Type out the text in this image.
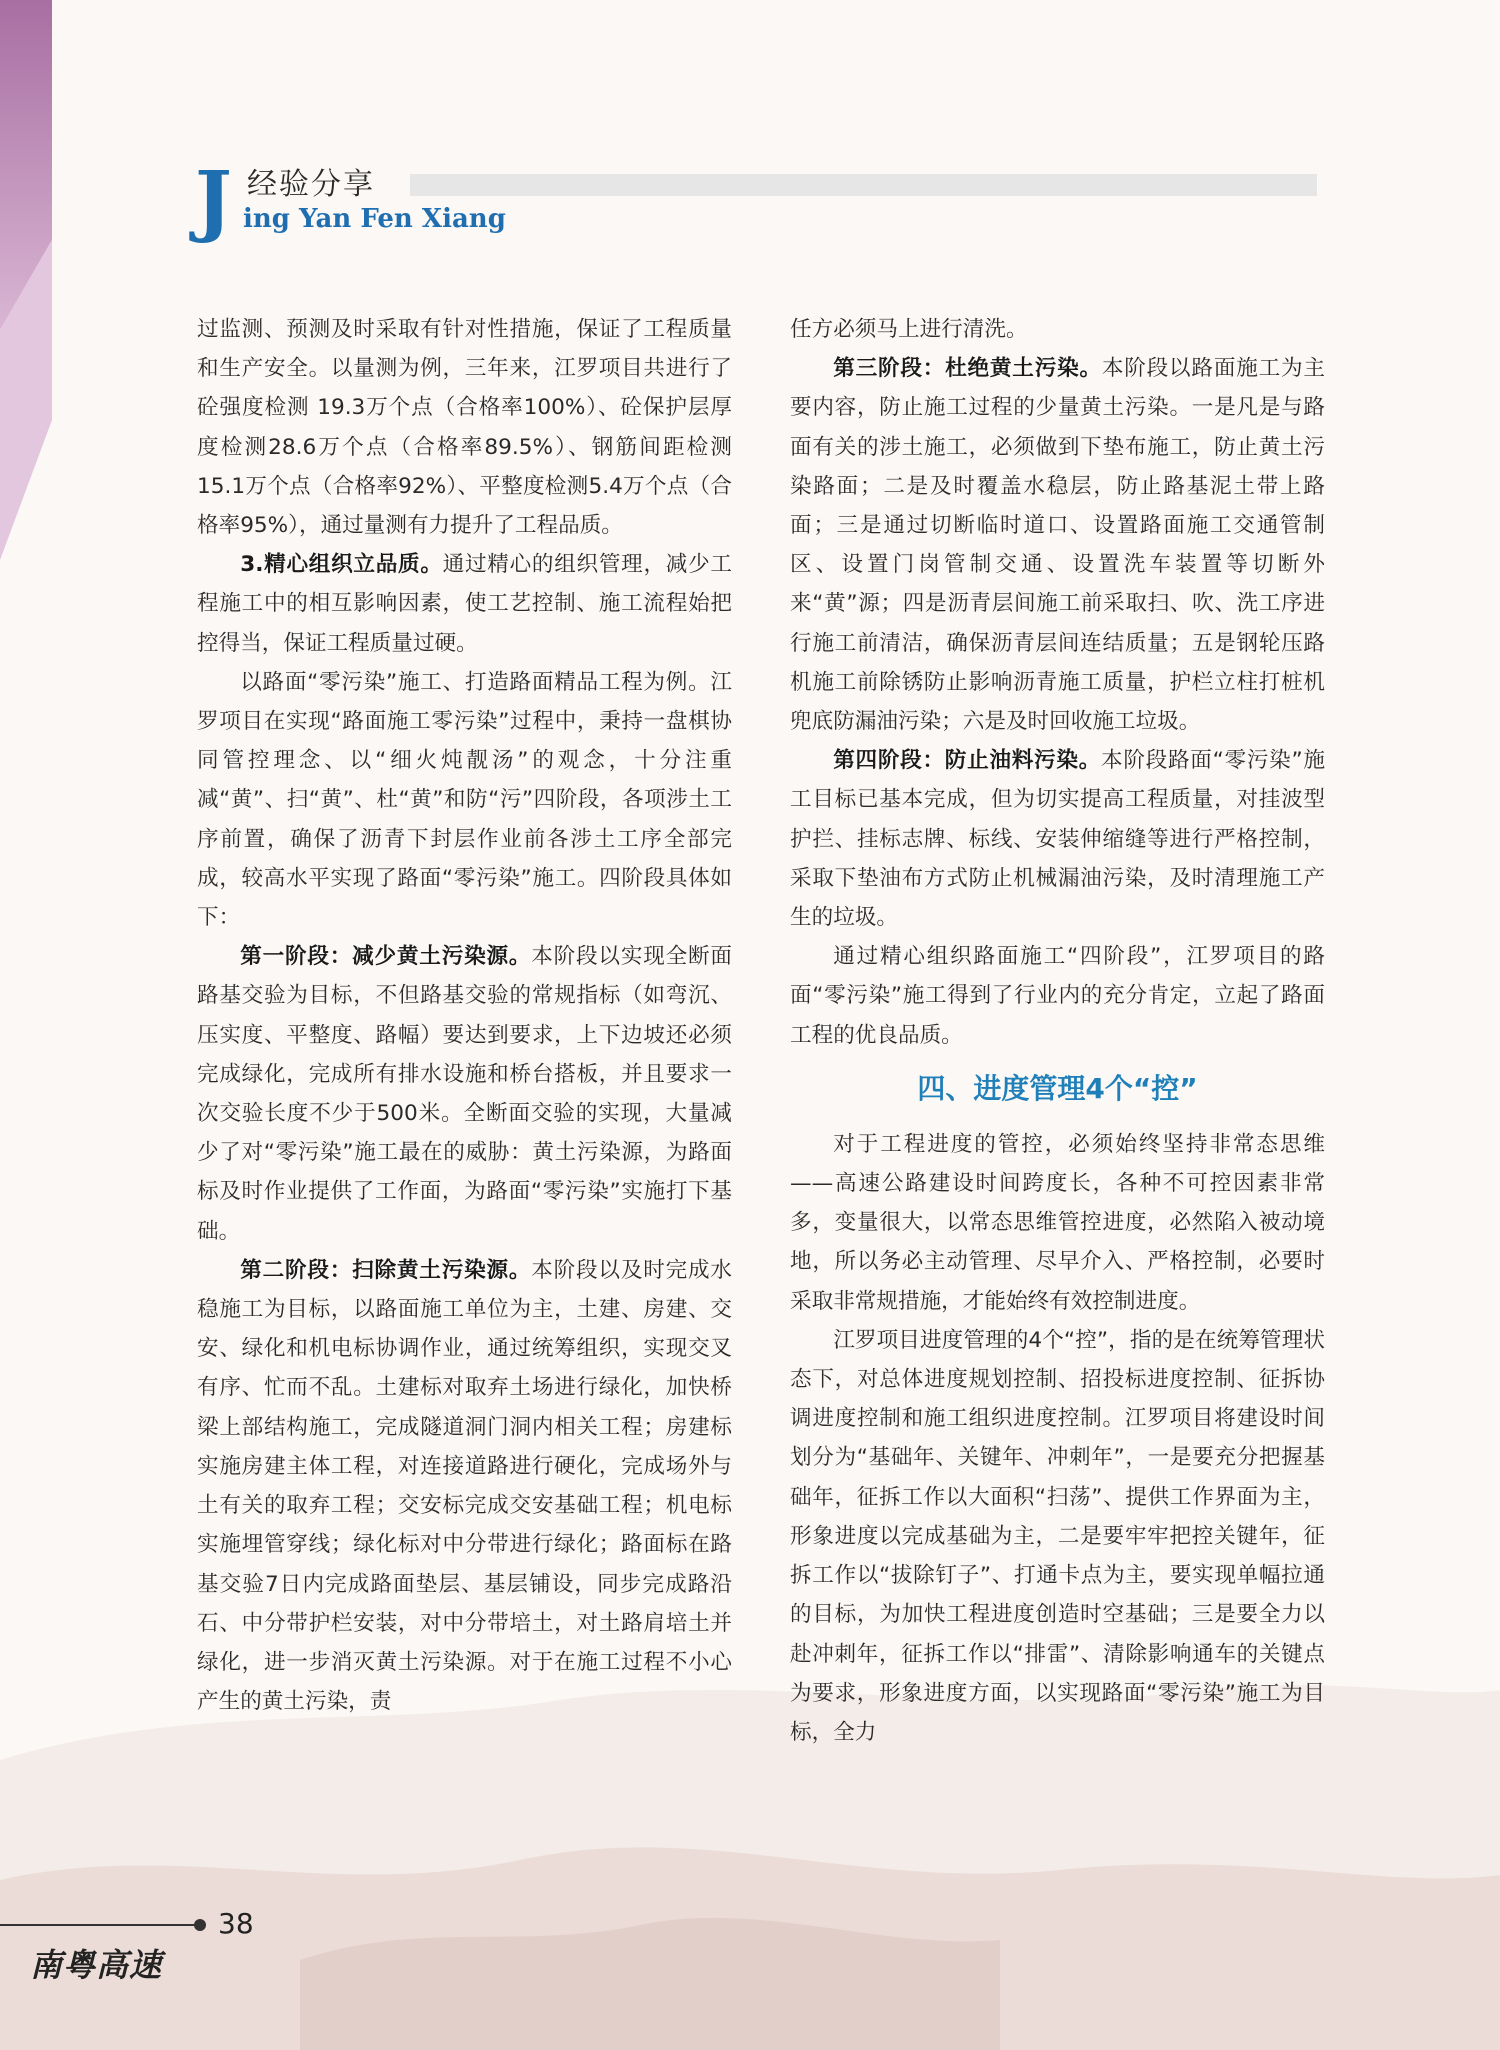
J 经验分享
ing Yan Fen Xiang

过监测、预测及时采取有针对性措施，保证了工程质量和生产安全。以量测为例，三年来，江罗项目共进行了砼强度检测 19.3万个点（合格率100%）、砼保护层厚度检测28.6万个点（合格率89.5%）、钢筋间距检测15.1万个点（合格率92%）、平整度检测5.4万个点（合格率95%），通过量测有力提升了工程品质。

3.精心组织立品质。通过精心的组织管理，减少工程施工中的相互影响因素，使工艺控制、施工流程始把控得当，保证工程质量过硬。

以路面“零污染”施工、打造路面精品工程为例。江罗项目在实现“路面施工零污染”过程中，秉持一盘棋协同管控理念、以“细火炖靓汤”的观念，十分注重减“黄”、扫“黄”、杜“黄”和防“污”四阶段，各项涉土工序前置，确保了沥青下封层作业前各涉土工序全部完成，较高水平实现了路面“零污染”施工。四阶段具体如下：

第一阶段：减少黄土污染源。本阶段以实现全断面路基交验为目标，不但路基交验的常规指标（如弯沉、压实度、平整度、路幅）要达到要求，上下边坡还必须完成绿化，完成所有排水设施和桥台搭板，并且要求一次交验长度不少于500米。全断面交验的实现，大量减少了对“零污染”施工最在的威胁：黄土污染源，为路面标及时作业提供了工作面，为路面“零污染”实施打下基础。

第二阶段：扫除黄土污染源。本阶段以及时完成水稳施工为目标，以路面施工单位为主，土建、房建、交安、绿化和机电标协调作业，通过统筹组织，实现交叉有序、忙而不乱。土建标对取弃土场进行绿化，加快桥梁上部结构施工，完成隧道洞门洞内相关工程；房建标实施房建主体工程，对连接道路进行硬化，完成场外与土有关的取弃工程；交安标完成交安基础工程；机电标实施埋管穿线；绿化标对中分带进行绿化；路面标在路基交验7日内完成路面垫层、基层铺设，同步完成路沿石、中分带护栏安装，对中分带培土，对土路肩培土并绿化，进一步消灭黄土污染源。对于在施工过程不小心产生的黄土污染，责

任方必须马上进行清洗。

第三阶段：杜绝黄土污染。本阶段以路面施工为主要内容，防止施工过程的少量黄土污染。一是凡是与路面有关的涉土施工，必须做到下垫布施工，防止黄土污染路面；二是及时覆盖水稳层，防止路基泥土带上路面；三是通过切断临时道口、设置路面施工交通管制区、设置门岗管制交通、设置洗车装置等切断外来“黄”源；四是沥青层间施工前采取扫、吹、洗工序进行施工前清洁，确保沥青层间连结质量；五是钢轮压路机施工前除锈防止影响沥青施工质量，护栏立柱打桩机兜底防漏油污染；六是及时回收施工垃圾。

第四阶段：防止油料污染。本阶段路面“零污染”施工目标已基本完成，但为切实提高工程质量，对挂波型护拦、挂标志牌、标线、安装伸缩缝等进行严格控制，采取下垫油布方式防止机械漏油污染，及时清理施工产生的垃圾。

通过精心组织路面施工“四阶段”，江罗项目的路面“零污染”施工得到了行业内的充分肯定，立起了路面工程的优良品质。

四、进度管理4个“控”

对于工程进度的管控，必须始终坚持非常态思维——高速公路建设时间跨度长，各种不可控因素非常多，变量很大，以常态思维管控进度，必然陷入被动境地，所以务必主动管理、尽早介入、严格控制，必要时采取非常规措施，才能始终有效控制进度。

江罗项目进度管理的4个“控”，指的是在统筹管理状态下，对总体进度规划控制、招投标进度控制、征拆协调进度控制和施工组织进度控制。江罗项目将建设时间划分为“基础年、关键年、冲刺年”，一是要充分把握基础年，征拆工作以大面积“扫荡”、提供工作界面为主，形象进度以完成基础为主，二是要牢牢把控关键年，征拆工作以“拔除钉子”、打通卡点为主，要实现单幅拉通的目标，为加快工程进度创造时空基础；三是要全力以赴冲刺年，征拆工作以“排雷”、清除影响通车的关键点为要求，形象进度方面，以实现路面“零污染”施工为目标，全力

38
南粤高速
